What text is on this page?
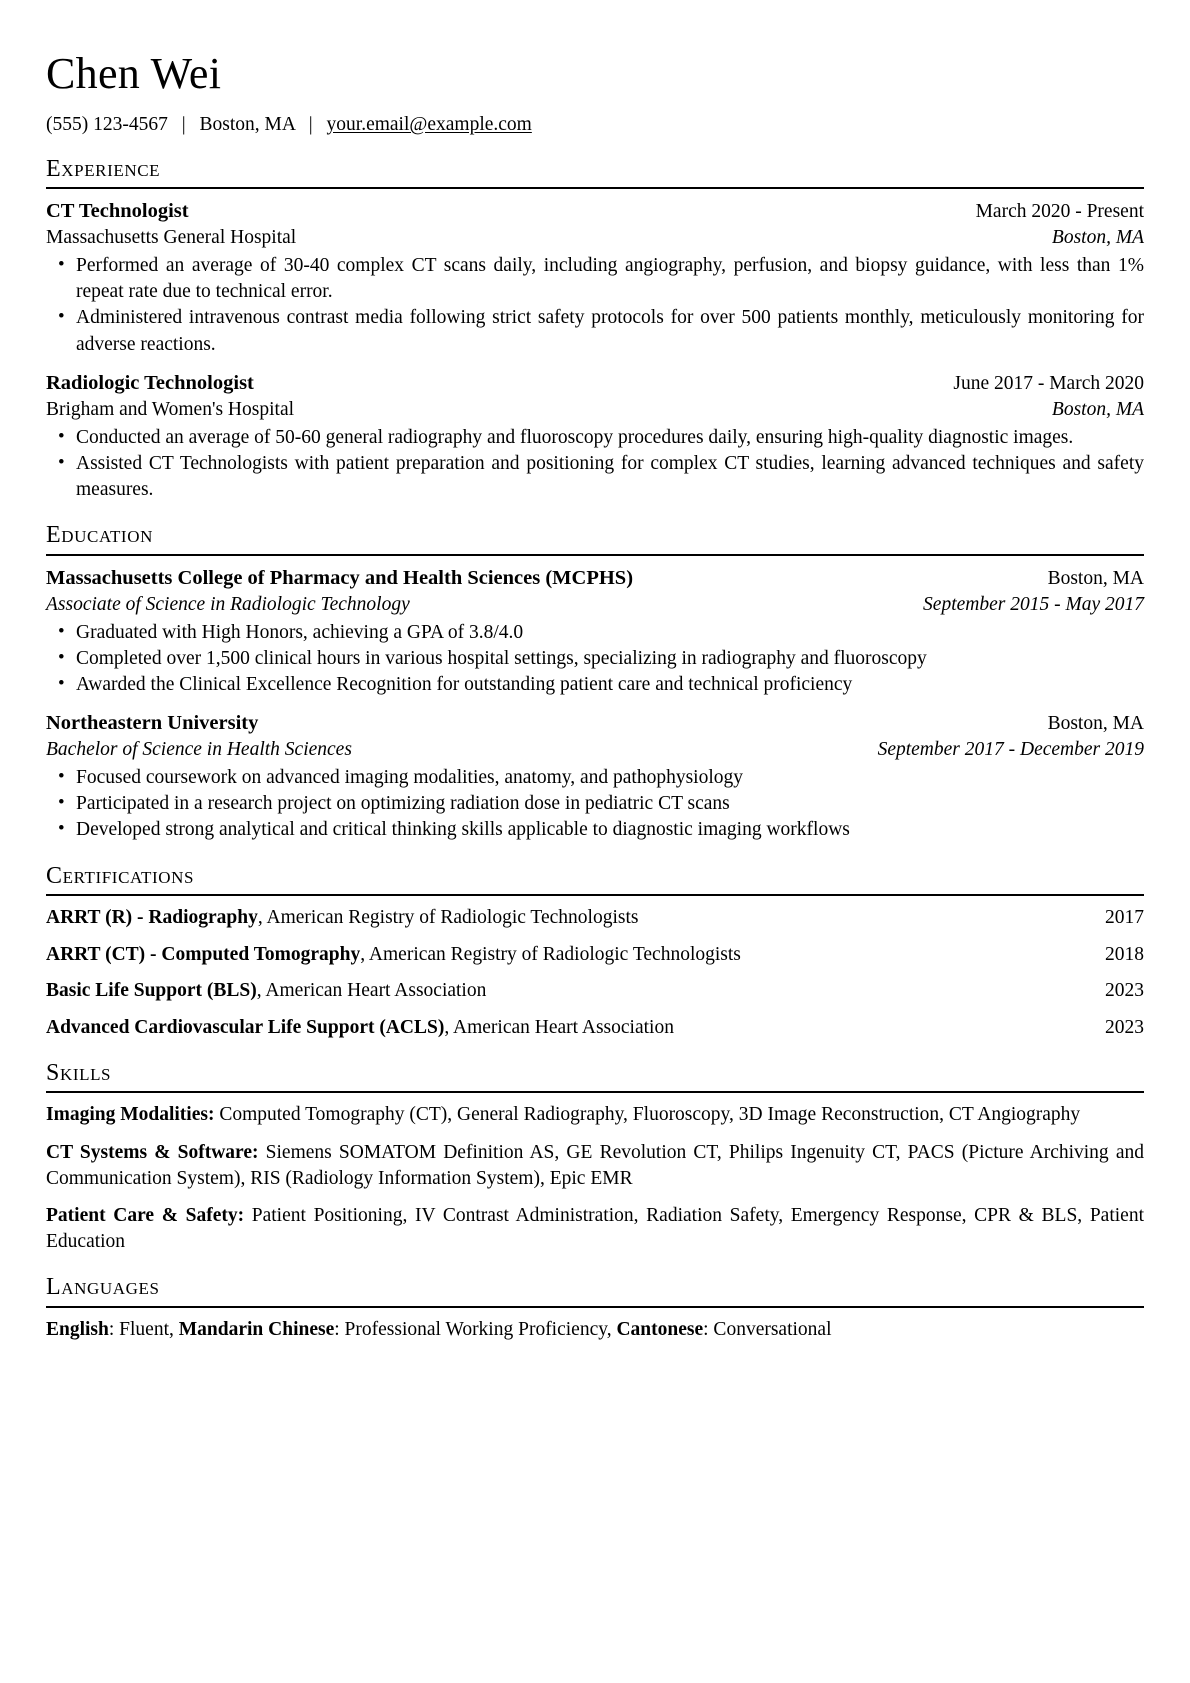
Chen Wei
(555) 123-4567 | Boston, MA | your.email@example.com
Experience
CT Technologist	March 2020 - Present
Massachusetts General Hospital	Boston, MA
• Performed an average of 30-40 complex CT scans daily, including angiography, perfusion, and biopsy guidance, with less than 1% repeat rate due to technical error.
• Administered intravenous contrast media following strict safety protocols for over 500 patients monthly, meticulously monitoring for adverse reactions.
Radiologic Technologist	June 2017 - March 2020
Brigham and Women's Hospital	Boston, MA
• Conducted an average of 50-60 general radiography and fluoroscopy procedures daily, ensuring high-quality diagnostic images.
• Assisted CT Technologists with patient preparation and positioning for complex CT studies, learning advanced techniques and safety measures.
Education
Massachusetts College of Pharmacy and Health Sciences (MCPHS)	Boston, MA
Associate of Science in Radiologic Technology	September 2015 - May 2017
• Graduated with High Honors, achieving a GPA of 3.8/4.0
• Completed over 1,500 clinical hours in various hospital settings, specializing in radiography and fluoroscopy
• Awarded the Clinical Excellence Recognition for outstanding patient care and technical proficiency
Northeastern University	Boston, MA
Bachelor of Science in Health Sciences	September 2017 - December 2019
• Focused coursework on advanced imaging modalities, anatomy, and pathophysiology
• Participated in a research project on optimizing radiation dose in pediatric CT scans
• Developed strong analytical and critical thinking skills applicable to diagnostic imaging workflows
Certifications
ARRT (R) - Radiography, American Registry of Radiologic Technologists	2017
ARRT (CT) - Computed Tomography, American Registry of Radiologic Technologists	2018
Basic Life Support (BLS), American Heart Association	2023
Advanced Cardiovascular Life Support (ACLS), American Heart Association	2023
Skills
Imaging Modalities: Computed Tomography (CT), General Radiography, Fluoroscopy, 3D Image Reconstruction, CT Angiography
CT Systems & Software: Siemens SOMATOM Definition AS, GE Revolution CT, Philips Ingenuity CT, PACS (Picture Archiving and Communication System), RIS (Radiology Information System), Epic EMR
Patient Care & Safety: Patient Positioning, IV Contrast Administration, Radiation Safety, Emergency Response, CPR & BLS, Patient Education
Languages
English: Fluent, Mandarin Chinese: Professional Working Proficiency, Cantonese: Conversational
